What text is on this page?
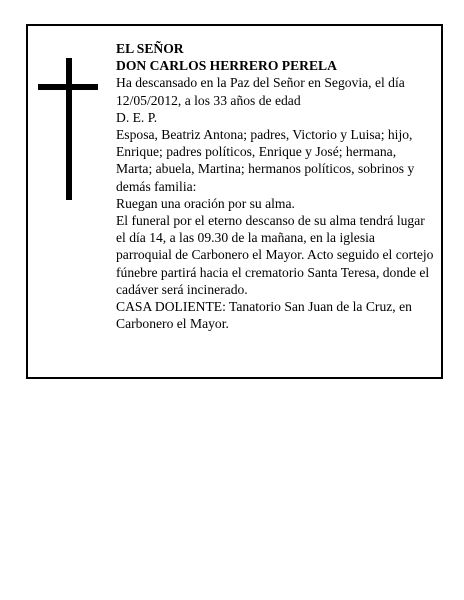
EL SEÑOR
DON CARLOS HERRERO PERELA
Ha descansado en la Paz del Señor en Segovia, el día 12/05/2012, a los 33 años de edad
D. E. P.
Esposa, Beatriz Antona; padres, Victorio y Luisa; hijo, Enrique; padres políticos, Enrique y José; hermana, Marta; abuela, Martina; hermanos políticos, sobrinos y demás familia:
Ruegan una oración por su alma.
El funeral por el eterno descanso de su alma tendrá lugar el día 14, a las 09.30 de la mañana, en la iglesia parroquial de Carbonero el Mayor. Acto seguido el cortejo fúnebre partirá hacia el crematorio Santa Teresa, donde el cadáver será incinerado.
CASA DOLIENTE: Tanatorio San Juan de la Cruz, en Carbonero el Mayor.
